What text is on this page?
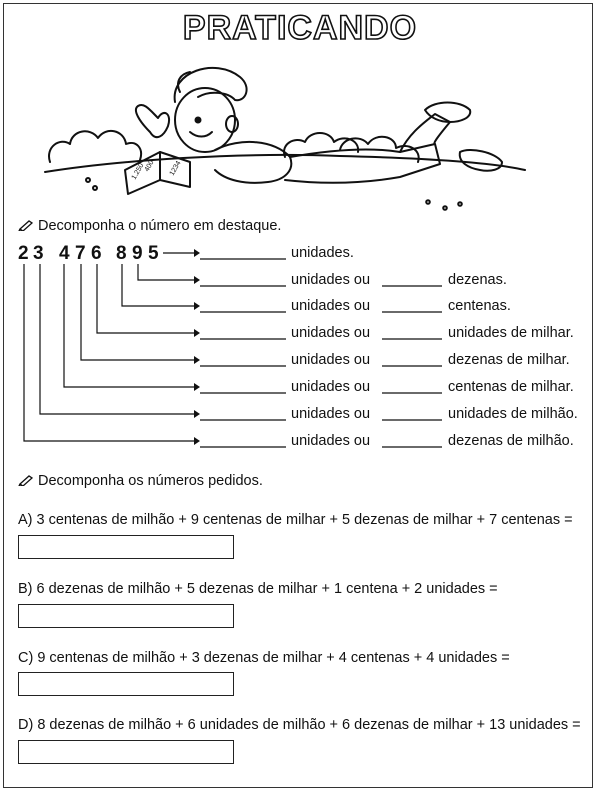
PRATICANDO
1.250
400 1234
Decomponha o número em destaque.
2 3 4 7 6 8 9 5	unidades.
unidades ou	dezenas.
unidades ou	centenas.
unidades ou	unidades de milhar.
unidades ou	dezenas de milhar.
unidades ou	centenas de milhar.
unidades ou	unidades de milhão.
unidades ou	dezenas de milhão.
Decomponha os números pedidos.
A) 3 centenas de milhão + 9 centenas de milhar + 5 dezenas de milhar + 7 centenas =
B) 6 dezenas de milhão + 5 dezenas de milhar + 1 centena + 2 unidades =
C) 9 centenas de milhão + 3 dezenas de milhar + 4 centenas + 4 unidades =
D) 8 dezenas de milhão + 6 unidades de milhão + 6 dezenas de milhar + 13 unidades =
